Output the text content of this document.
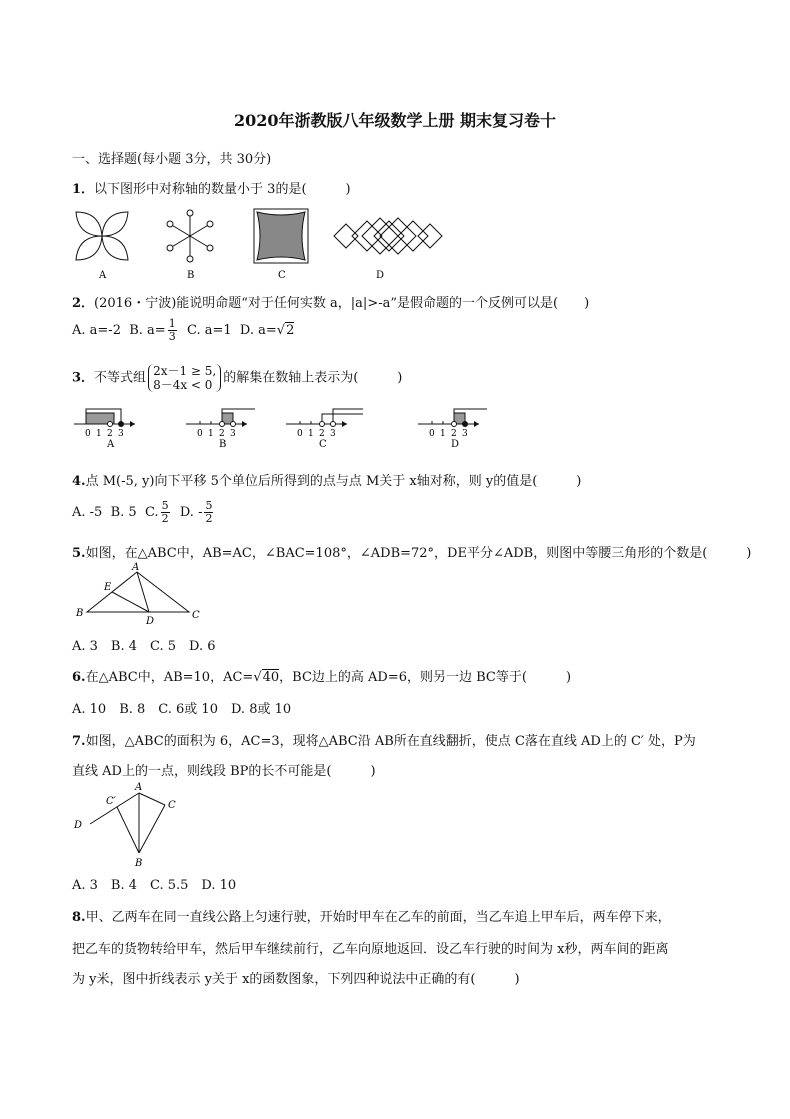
2020年浙教版八年级数学上册 期末复习卷十
一、选择题(每小题 3分，共 30分)
1．以下图形中对称轴的数量小于 3的是(　　　)
A	B	C	D
2．(2016・宁波)能说明命题“对于任何实数 a，|a|>-a”是假命题的一个反例可以是(　　)
A. a=-2 B. $a= \frac{1}{3} C$. a=1 D. a=√2
3．不等式组 2x－1 ≥ 5,
8－4x < 0 的解集在数轴上表示为(　　　)
0 1 2 3
A
0 1 2 3
B
0 1 2 3
C
0 1 2 3
D
4.点 M(-5, y)向下平移 5个单位后所得到的点与点 M关于 x轴对称，则 y的值是(　　　)
A. -5 B. 5 C. $\frac{5}{2} D$. - $\frac{5}{2}$
5.如图，在△ABC中，AB=AC，∠BAC=108°，∠ADB=72°，DE平分∠ADB，则图中等腰三角形的个数是(　　　)
A
B	C
D
E
A. 3　B. 4　C. 5　D. 6
6.在△ABC中，AB=10，AC=√40，BC边上的高 AD=6，则另一边 BC等于(　　　)
A. 10　B. 8　C. 6或 10　D. 8或 10
7.如图，△ABC的面积为 6，AC=3，现将△ABC沿 AB所在直线翻折，使点 C落在直线 AD上的 C′ 处，P为
直线 AD上的一点，则线段 BP的长不可能是(　　　)
A
B
C
C′
D
A. 3　B. 4　C. 5.5　D. 10
8.甲、乙两车在同一直线公路上匀速行驶，开始时甲车在乙车的前面，当乙车追上甲车后，两车停下来，
把乙车的货物转给甲车，然后甲车继续前行，乙车向原地返回．设乙车行驶的时间为 x秒，两车间的距离
为 y米，图中折线表示 y关于 x的函数图象，下列四种说法中正确的有(　　　)
